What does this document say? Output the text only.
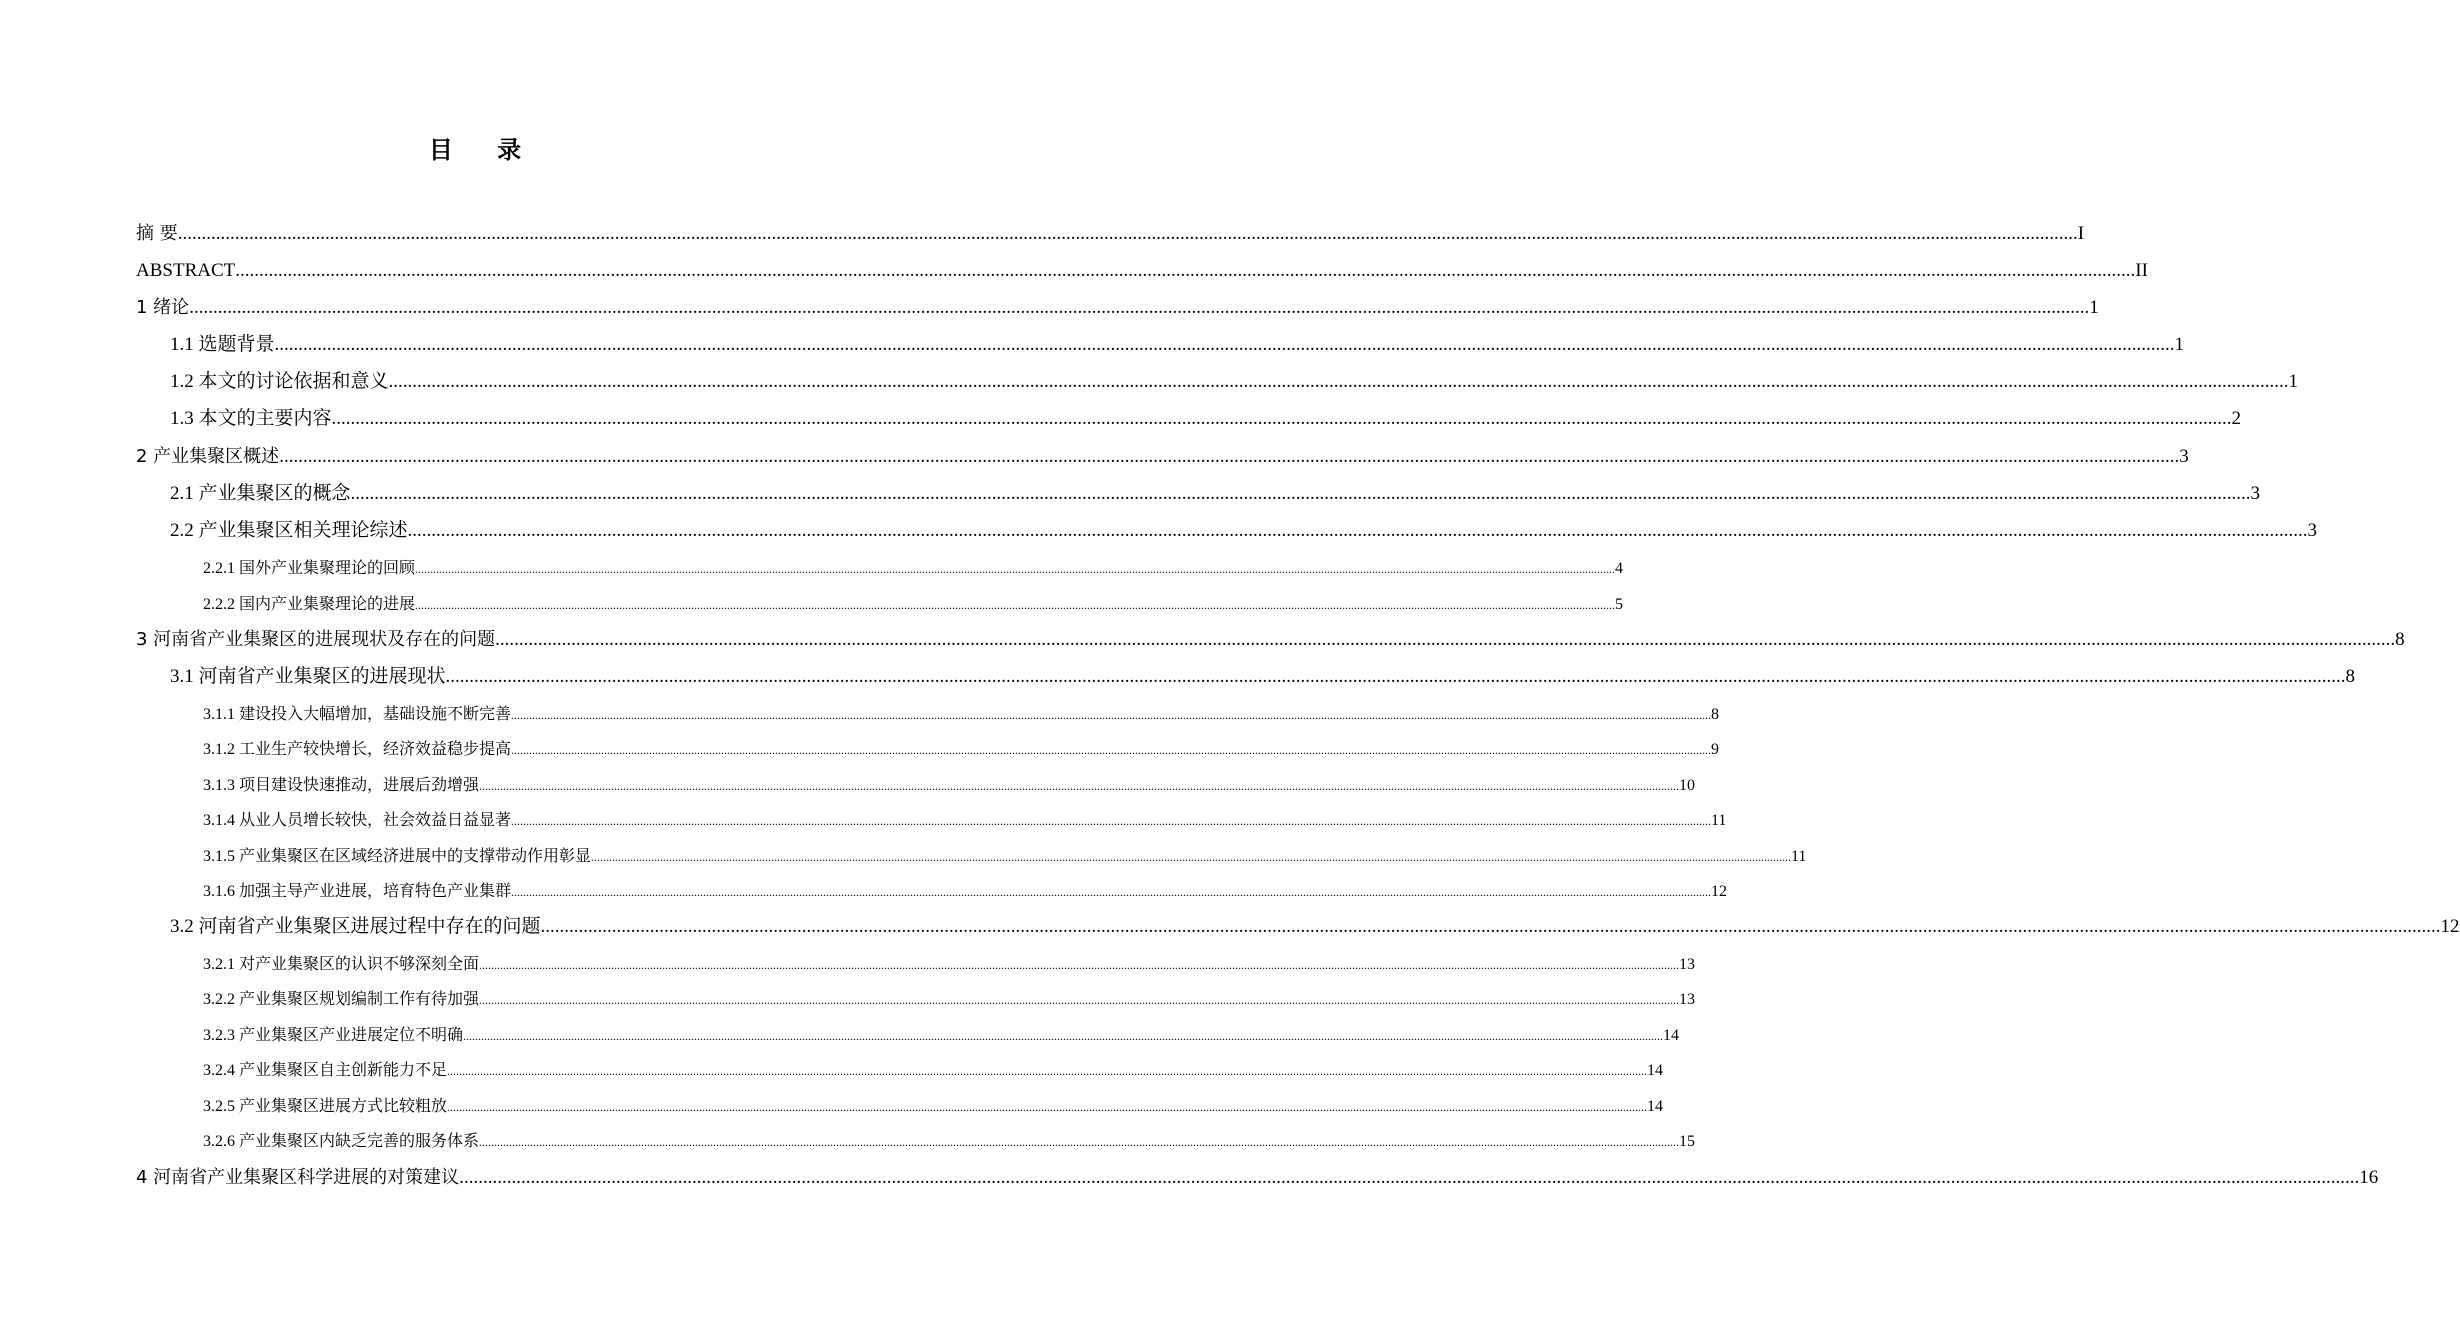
目 录
摘 要 ................................................................................................................................................................................................................................................................................................................................................................................................................ I
ABSTRACT ................................................................................................................................................................................................................................................................................................................................................................................................................ II
1 绪论 ................................................................................................................................................................................................................................................................................................................................................................................................................ 1
1.1 选题背景 ................................................................................................................................................................................................................................................................................................................................................................................................................ 1
1.2 本文的讨论依据和意义 ................................................................................................................................................................................................................................................................................................................................................................................................................ 1
1.3 本文的主要内容 ................................................................................................................................................................................................................................................................................................................................................................................................................ 2
2 产业集聚区概述 ................................................................................................................................................................................................................................................................................................................................................................................................................ 3
2.1 产业集聚区的概念 ................................................................................................................................................................................................................................................................................................................................................................................................................ 3
2.2 产业集聚区相关理论综述 ................................................................................................................................................................................................................................................................................................................................................................................................................ 3
2.2.1 国外产业集聚理论的回顾 ................................................................................................................................................................................................................................................................................................................................................................................................................ 4
2.2.2 国内产业集聚理论的进展 ................................................................................................................................................................................................................................................................................................................................................................................................................ 5
3 河南省产业集聚区的进展现状及存在的问题 ................................................................................................................................................................................................................................................................................................................................................................................................................ 8
3.1 河南省产业集聚区的进展现状 ................................................................................................................................................................................................................................................................................................................................................................................................................ 8
3.1.1 建设投入大幅增加，基础设施不断完善 ................................................................................................................................................................................................................................................................................................................................................................................................................ 8
3.1.2 工业生产较快增长，经济效益稳步提高 ................................................................................................................................................................................................................................................................................................................................................................................................................ 9
3.1.3 项目建设快速推动，进展后劲增强 ................................................................................................................................................................................................................................................................................................................................................................................................................ 10
3.1.4 从业人员增长较快，社会效益日益显著 ................................................................................................................................................................................................................................................................................................................................................................................................................ 11
3.1.5 产业集聚区在区域经济进展中的支撑带动作用彰显 ................................................................................................................................................................................................................................................................................................................................................................................................................ 11
3.1.6 加强主导产业进展，培育特色产业集群 ................................................................................................................................................................................................................................................................................................................................................................................................................ 12
3.2 河南省产业集聚区进展过程中存在的问题 ................................................................................................................................................................................................................................................................................................................................................................................................................ 12
3.2.1 对产业集聚区的认识不够深刻全面 ................................................................................................................................................................................................................................................................................................................................................................................................................ 13
3.2.2 产业集聚区规划编制工作有待加强 ................................................................................................................................................................................................................................................................................................................................................................................................................ 13
3.2.3 产业集聚区产业进展定位不明确 ................................................................................................................................................................................................................................................................................................................................................................................................................ 14
3.2.4 产业集聚区自主创新能力不足 ................................................................................................................................................................................................................................................................................................................................................................................................................ 14
3.2.5 产业集聚区进展方式比较粗放 ................................................................................................................................................................................................................................................................................................................................................................................................................ 14
3.2.6 产业集聚区内缺乏完善的服务体系 ................................................................................................................................................................................................................................................................................................................................................................................................................ 15
4 河南省产业集聚区科学进展的对策建议 ................................................................................................................................................................................................................................................................................................................................................................................................................ 16
